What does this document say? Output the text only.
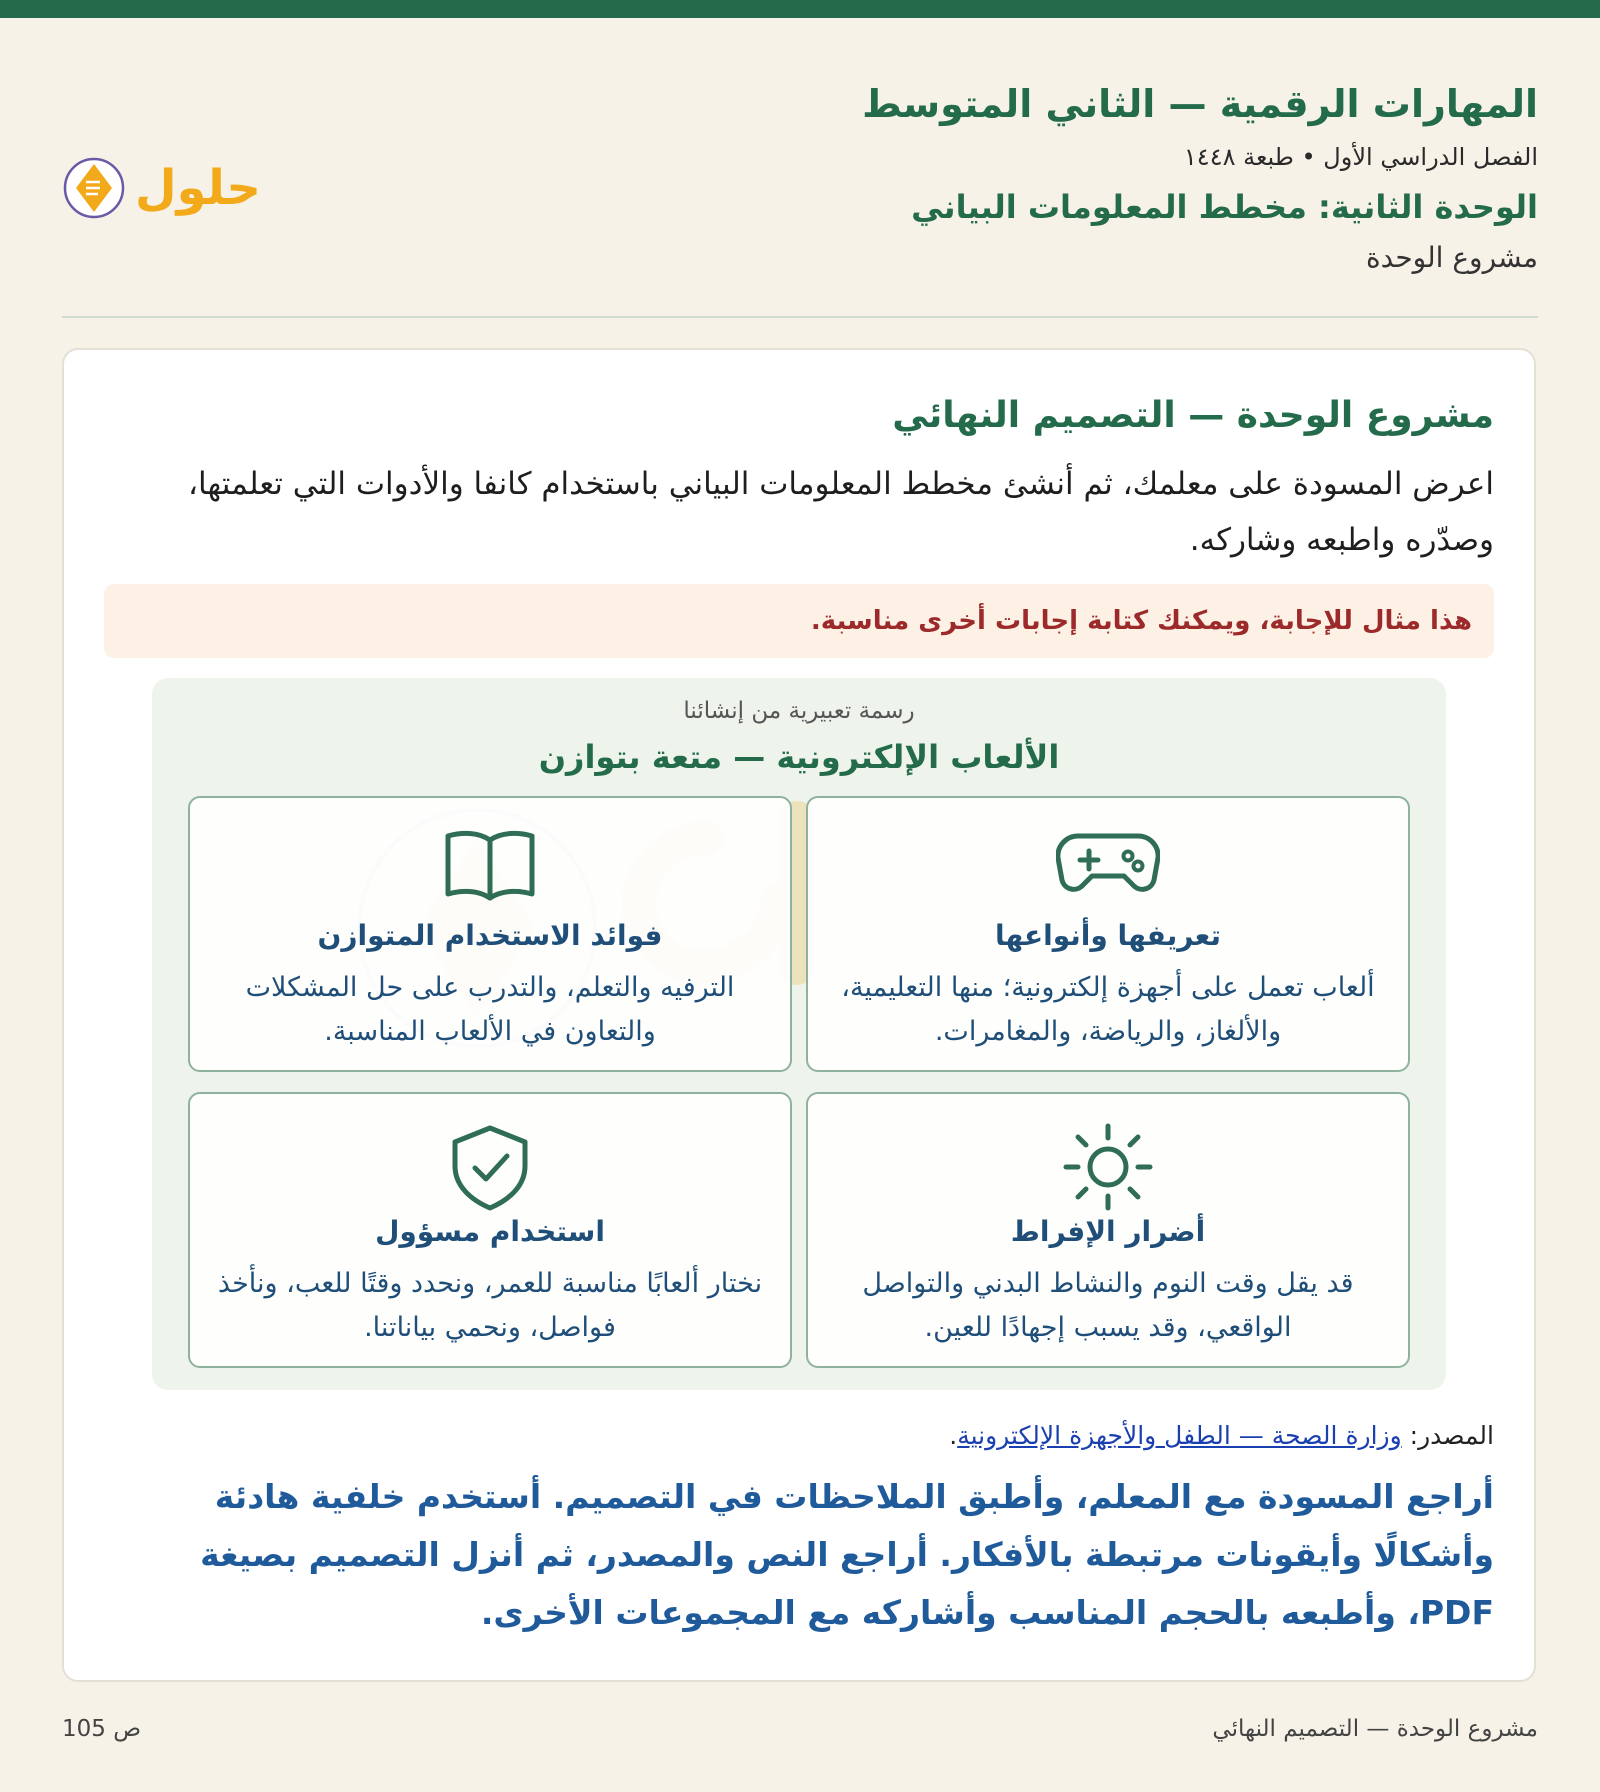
المهارات الرقمية — الثاني المتوسط
الفصل الدراسي الأول • طبعة ١٤٤٨
الوحدة الثانية: مخطط المعلومات البياني
مشروع الوحدة
حلول
مشروع الوحدة — التصميم النهائي
اعرض المسودة على معلمك، ثم أنشئ مخطط المعلومات البياني باستخدام كانفا والأدوات التي تعلمتها، وصدّره واطبعه وشاركه.
هذا مثال للإجابة، ويمكنك كتابة إجابات أخرى مناسبة.
رسمة تعبيرية من إنشائنا
الألعاب الإلكترونية — متعة بتوازن
تعريفها وأنواعها
ألعاب تعمل على أجهزة إلكترونية؛ منها التعليمية، والألغاز، والرياضة، والمغامرات.
فوائد الاستخدام المتوازن
الترفيه والتعلم، والتدرب على حل المشكلات والتعاون في الألعاب المناسبة.
أضرار الإفراط
قد يقل وقت النوم والنشاط البدني والتواصل الواقعي، وقد يسبب إجهادًا للعين.
استخدام مسؤول
نختار ألعابًا مناسبة للعمر، ونحدد وقتًا للعب، ونأخذ فواصل، ونحمي بياناتنا.
المصدر: وزارة الصحة — الطفل والأجهزة الإلكترونية.
أراجع المسودة مع المعلم، وأطبق الملاحظات في التصميم. أستخدم خلفية هادئة وأشكالًا وأيقونات مرتبطة بالأفكار. أراجع النص والمصدر، ثم أنزل التصميم بصيغة PDF، وأطبعه بالحجم المناسب وأشاركه مع المجموعات الأخرى.
مشروع الوحدة — التصميم النهائي
ص 105
